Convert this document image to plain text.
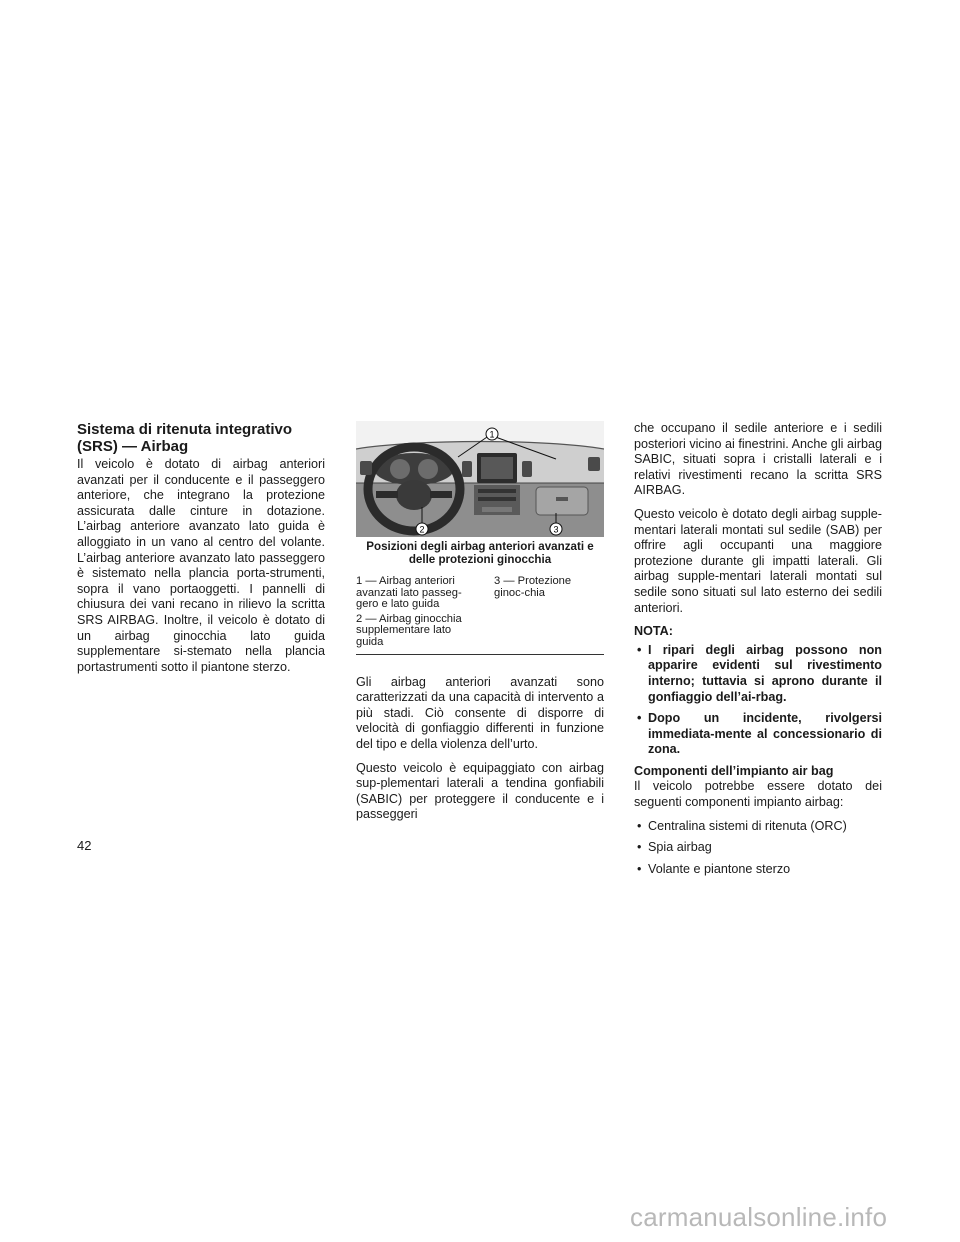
Sistema di ritenuta integrativo (SRS) — Airbag

Il veicolo è dotato di airbag anteriori avanzati per il conducente e il passeggero anteriore, che integrano la protezione assicurata dalle cinture in dotazione. L’airbag anteriore avanzato lato guida è alloggiato in un vano al centro del volante. L’airbag anteriore avanzato lato passeggero è sistemato nella plancia porta-strumenti, sopra il vano portaoggetti. I pannelli di chiusura dei vani recano in rilievo la scritta SRS AIRBAG. Inoltre, il veicolo è dotato di un airbag ginocchia lato guida supplementare si-stemato nella plancia portastrumenti sotto il piantone sterzo.

1
2	3
Posizioni degli airbag anteriori avanzati e delle protezioni ginocchia
1 — Airbag anteriori avanzati lato passeg-gero e lato guida
2 — Airbag ginocchia supplementare lato guida
3 — Protezione ginoc-chia

Gli airbag anteriori avanzati sono caratterizzati da una capacità di intervento a più stadi. Ciò consente di disporre di velocità di gonfiaggio differenti in funzione del tipo e della violenza dell’urto.

Questo veicolo è equipaggiato con airbag sup-plementari laterali a tendina gonfiabili (SABIC) per proteggere il conducente e i passeggeri

che occupano il sedile anteriore e i sedili posteriori vicino ai finestrini. Anche gli airbag SABIC, situati sopra i cristalli laterali e i relativi rivestimenti recano la scritta SRS AIRBAG.

Questo veicolo è dotato degli airbag supple-mentari laterali montati sul sedile (SAB) per offrire agli occupanti una maggiore protezione durante gli impatti laterali. Gli airbag supple-mentari laterali montati sul sedile sono situati sul lato esterno dei sedili anteriori.

NOTA:
• I ripari degli airbag possono non apparire evidenti sul rivestimento interno; tuttavia si aprono durante il gonfiaggio dell’ai-rbag.
• Dopo un incidente, rivolgersi immediata-mente al concessionario di zona.
Componenti dell’impianto air bag

Il veicolo potrebbe essere dotato dei seguenti componenti impianto airbag:

• Centralina sistemi di ritenuta (ORC)
• Spia airbag
• Volante e piantone sterzo
42
carmanualsonline.info
